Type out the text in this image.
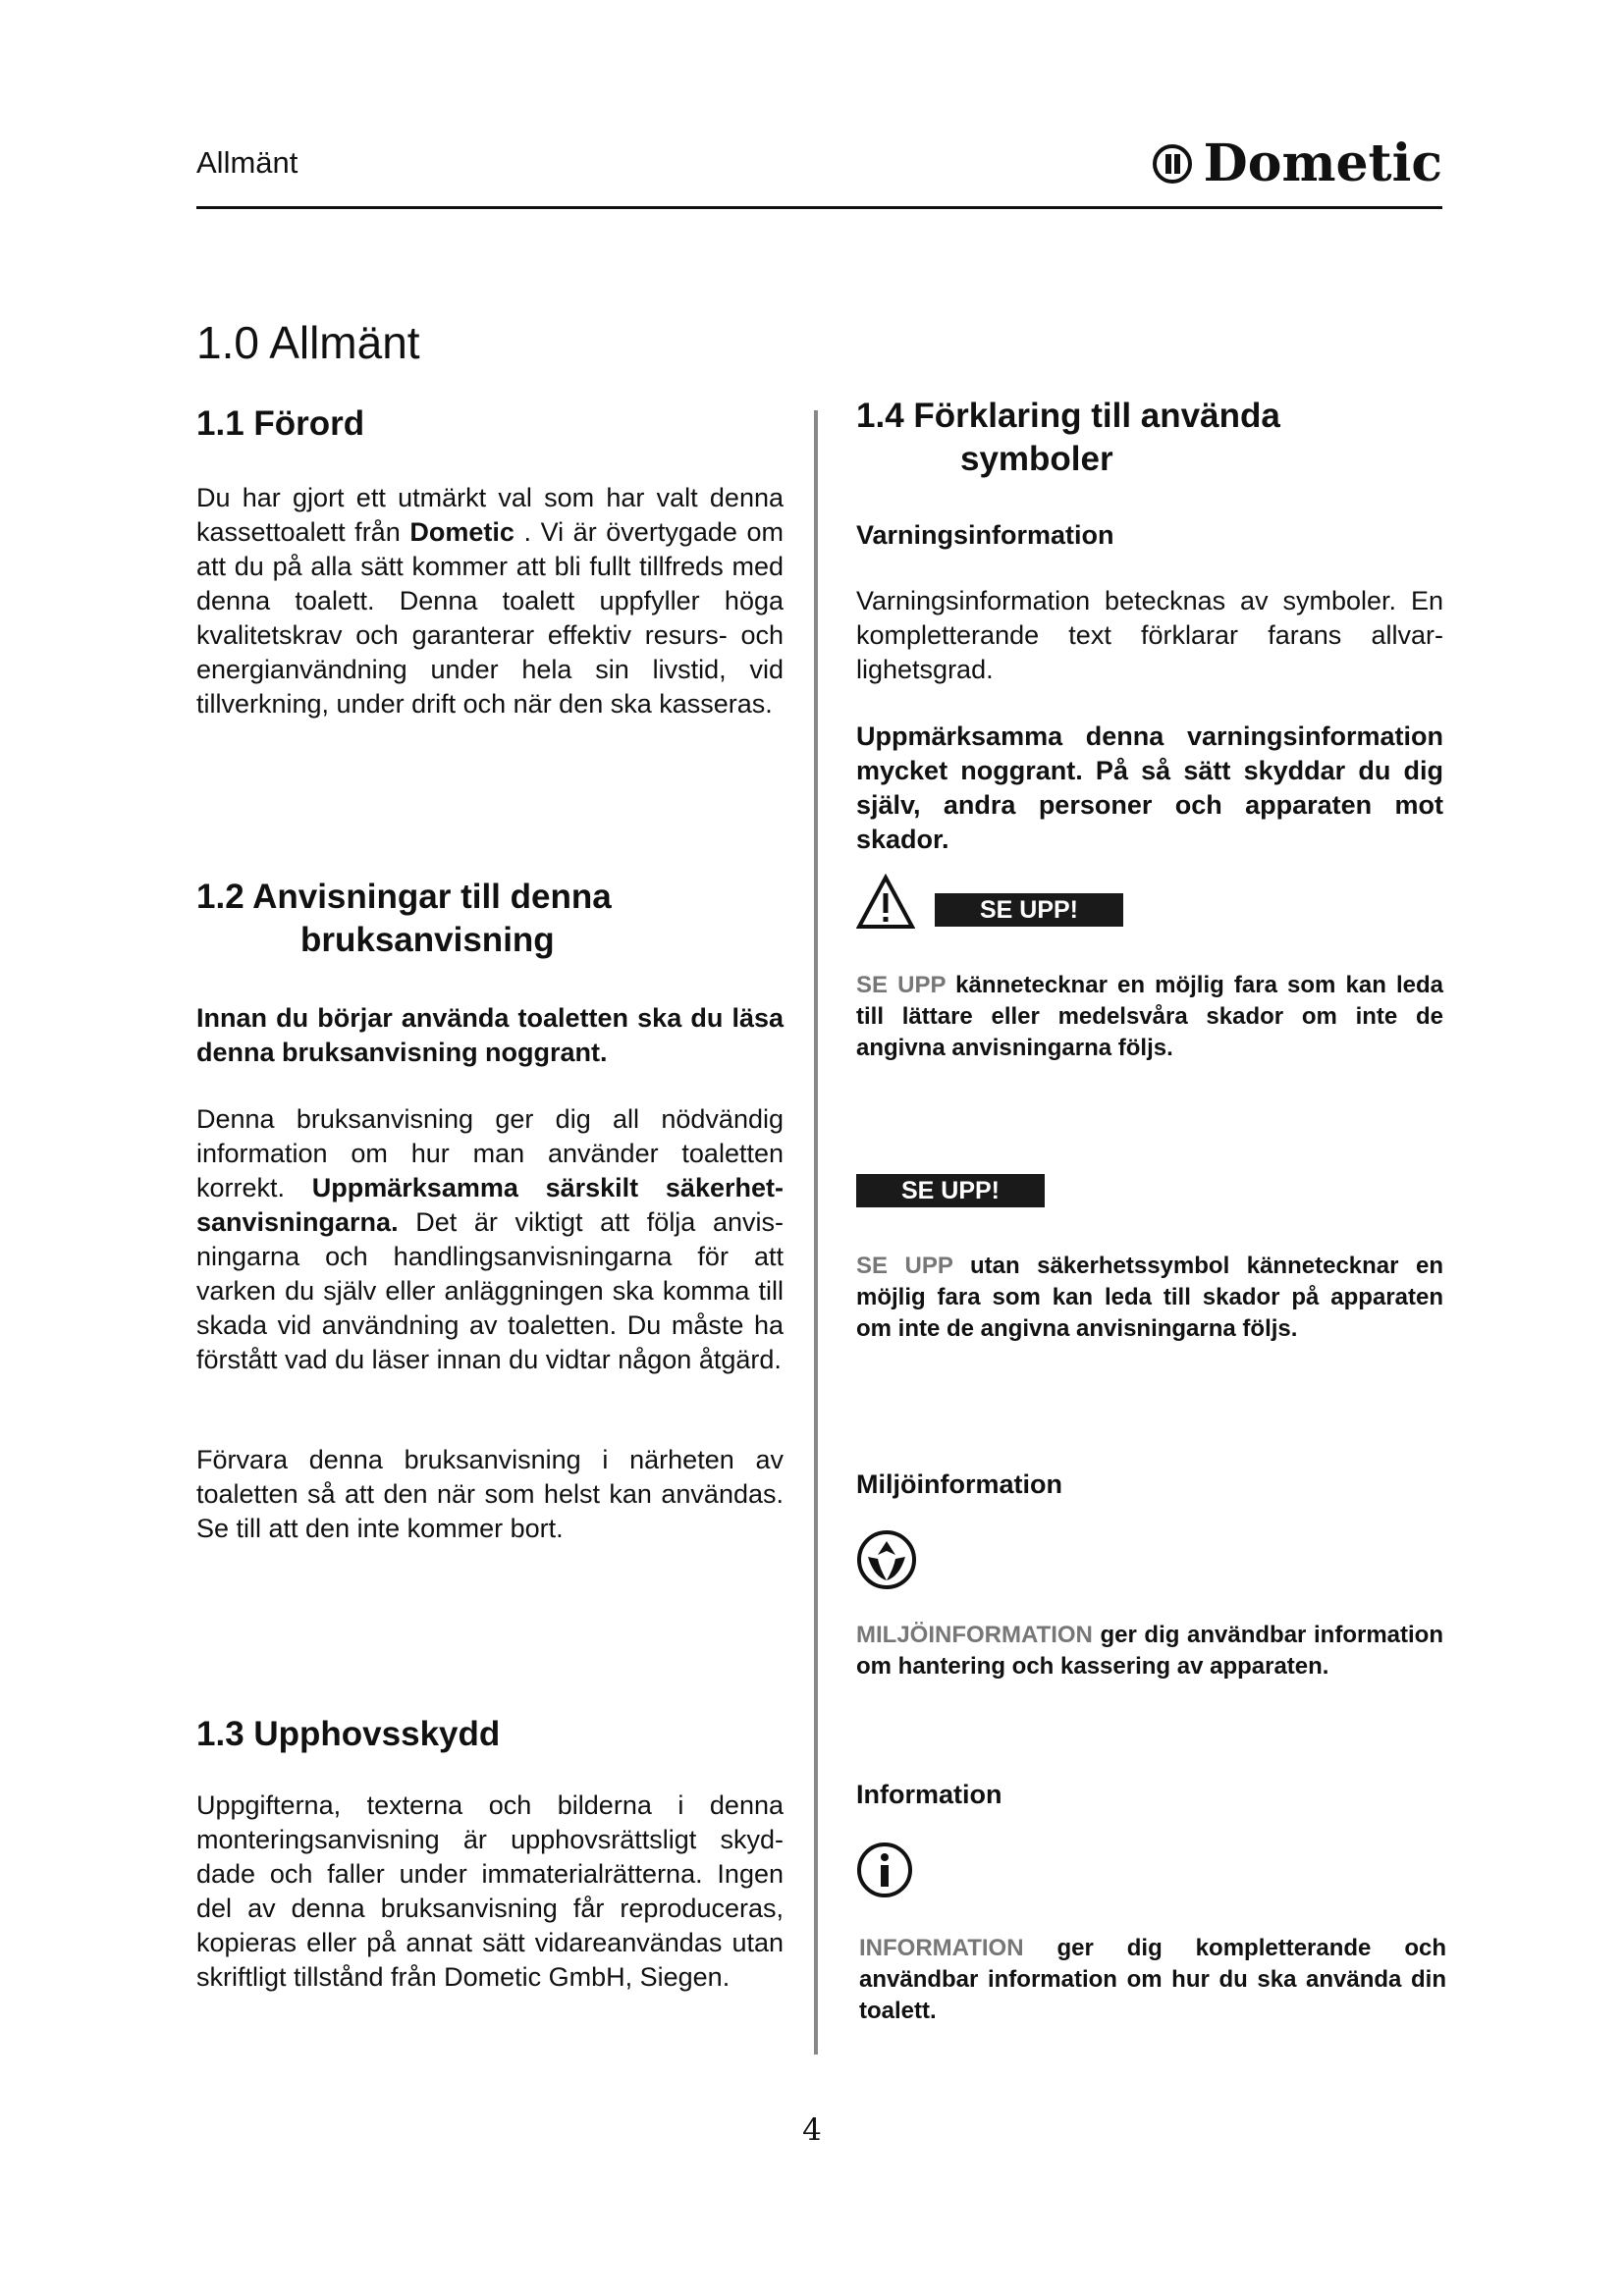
Allmänt	Dometic
1.0 Allmänt
1.1 Förord

Du har gjort ett utmärkt val som har valt denna kassettoalett från Dometic . Vi är övertygade om att du på alla sätt kommer att bli fullt tillfreds med denna toalett. Denna toalett uppfyller höga kvalitetskrav och garanterar effektiv resurs- och energianvändning under hela sin livstid, vid tillverkning, under drift och när den ska kasseras.

1.2 Anvisningar till denna
bruksanvisning

Innan du börjar använda toaletten ska du läsa denna bruksanvisning noggrant.

Denna bruksanvisning ger dig all nödvändig information om hur man använder toaletten korrekt. Uppmärksamma särskilt säkerhetsanvisningarna. Det är viktigt att följa anvisningarna och handlingsanvisningarna för att varken du själv eller anläggningen ska komma till skada vid användning av toaletten. Du måste ha förstått vad du läser innan du vidtar någon åtgärd.

Förvara denna bruksanvisning i närheten av toaletten så att den när som helst kan användas. Se till att den inte kommer bort.

1.3 Upphovsskydd

Uppgifterna, texterna och bilderna i denna monteringsanvisning är upphovsrättsligt skyddade och faller under immaterialrätterna. Ingen del av denna bruksanvisning får reproduceras, kopieras eller på annat sätt vidareanvändas utan skriftligt tillstånd från Dometic GmbH, Siegen.

1.4 Förklaring till använda
symboler
Varningsinformation

Varningsinformation betecknas av symboler. En kompletterande text förklarar farans allvarlighetsgrad.

Uppmärksamma denna varningsinformation mycket noggrant. På så sätt skyddar du dig själv, andra personer och apparaten mot skador.

SE UPP!

SE UPP kännetecknar en möjlig fara som kan leda till lättare eller medelsvåra skador om inte de angivna anvisningarna följs.

SE UPP!

SE UPP utan säkerhetssymbol kännetecknar en möjlig fara som kan leda till skador på apparaten om inte de angivna anvisningarna följs.

Miljöinformation

MILJÖINFORMATION ger dig användbar information om hantering och kassering av apparaten.

Information

INFORMATION ger dig kompletterande och användbar information om hur du ska använda din toalett.

4
